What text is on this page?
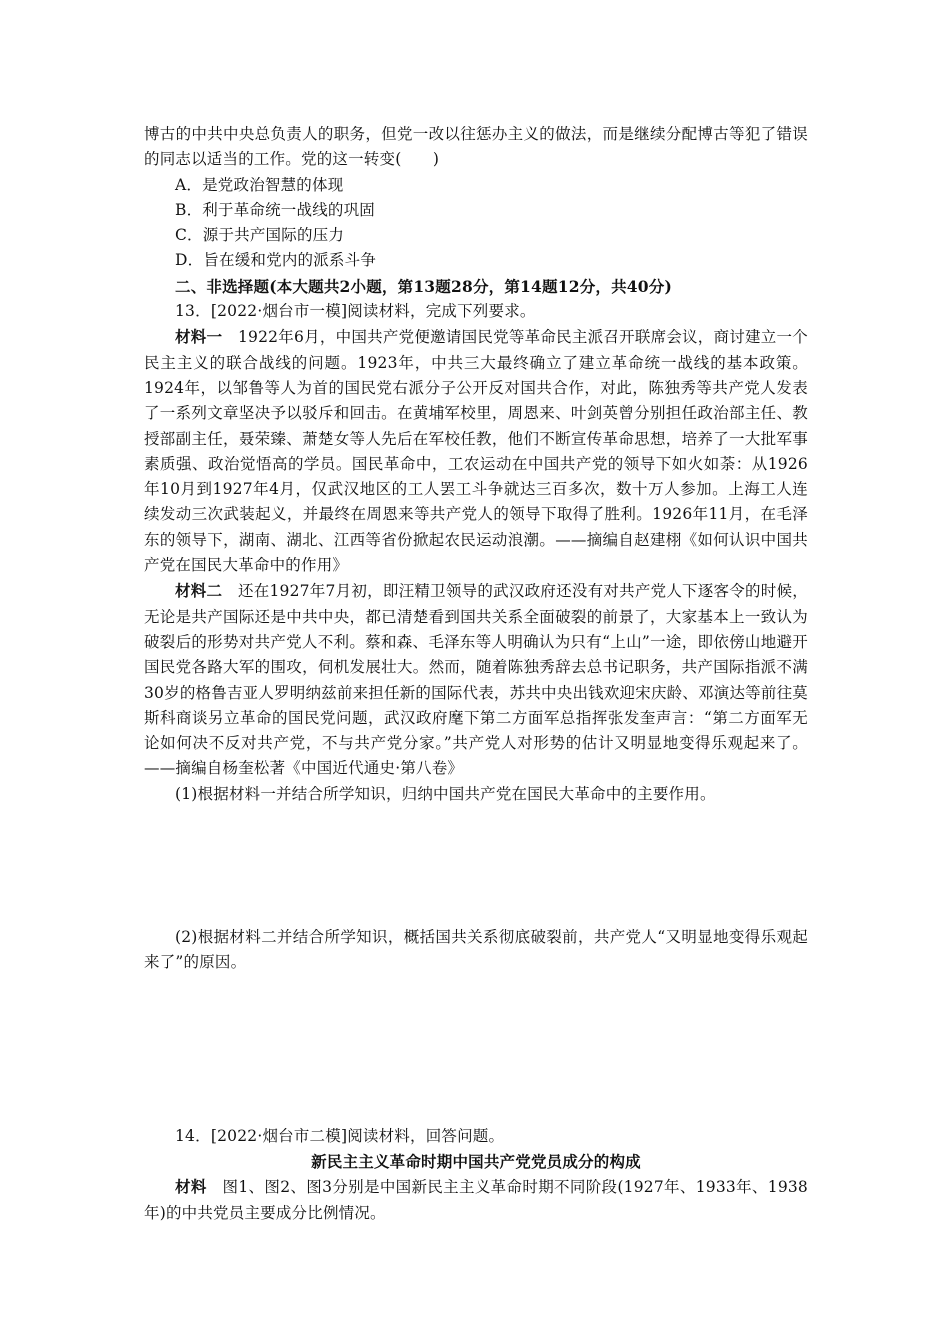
博古的中共中央总负责人的职务，但党一改以往惩办主义的做法，而是继续分配博古等犯了错误的同志以适当的工作。党的这一转变(　　)

A．是党政治智慧的体现

B．利于革命统一战线的巩固

C．源于共产国际的压力

D．旨在缓和党内的派系斗争

二、非选择题(本大题共2小题，第13题28分，第14题12分，共40分)

13．[2022·烟台市一模]阅读材料，完成下列要求。

材料一　1922年6月，中国共产党便邀请国民党等革命民主派召开联席会议，商讨建立一个民主主义的联合战线的问题。1923年，中共三大最终确立了建立革命统一战线的基本政策。1924年，以邹鲁等人为首的国民党右派分子公开反对国共合作，对此，陈独秀等共产党人发表了一系列文章坚决予以驳斥和回击。在黄埔军校里，周恩来、叶剑英曾分别担任政治部主任、教授部副主任，聂荣臻、萧楚女等人先后在军校任教，他们不断宣传革命思想，培养了一大批军事素质强、政治觉悟高的学员。国民革命中，工农运动在中国共产党的领导下如火如荼：从1926年10月到1927年4月，仅武汉地区的工人罢工斗争就达三百多次，数十万人参加。上海工人连续发动三次武装起义，并最终在周恩来等共产党人的领导下取得了胜利。1926年11月，在毛泽东的领导下，湖南、湖北、江西等省份掀起农民运动浪潮。——摘编自赵建栩《如何认识中国共产党在国民大革命中的作用》

材料二　还在1927年7月初，即汪精卫领导的武汉政府还没有对共产党人下逐客令的时候，无论是共产国际还是中共中央，都已清楚看到国共关系全面破裂的前景了，大家基本上一致认为破裂后的形势对共产党人不利。蔡和森、毛泽东等人明确认为只有“上山”一途，即依傍山地避开国民党各路大军的围攻，伺机发展壮大。然而，随着陈独秀辞去总书记职务，共产国际指派不满30岁的格鲁吉亚人罗明纳兹前来担任新的国际代表，苏共中央出钱欢迎宋庆龄、邓演达等前往莫斯科商谈另立革命的国民党问题，武汉政府麾下第二方面军总指挥张发奎声言：“第二方面军无论如何决不反对共产党，不与共产党分家。”共产党人对形势的估计又明显地变得乐观起来了。——摘编自杨奎松著《中国近代通史·第八卷》

(1)根据材料一并结合所学知识，归纳中国共产党在国民大革命中的主要作用。

(2)根据材料二并结合所学知识，概括国共关系彻底破裂前，共产党人“又明显地变得乐观起来了”的原因。

14．[2022·烟台市二模]阅读材料，回答问题。

新民主主义革命时期中国共产党党员成分的构成

材料　图1、图2、图3分别是中国新民主主义革命时期不同阶段(1927年、1933年、1938年)的中共党员主要成分比例情况。
